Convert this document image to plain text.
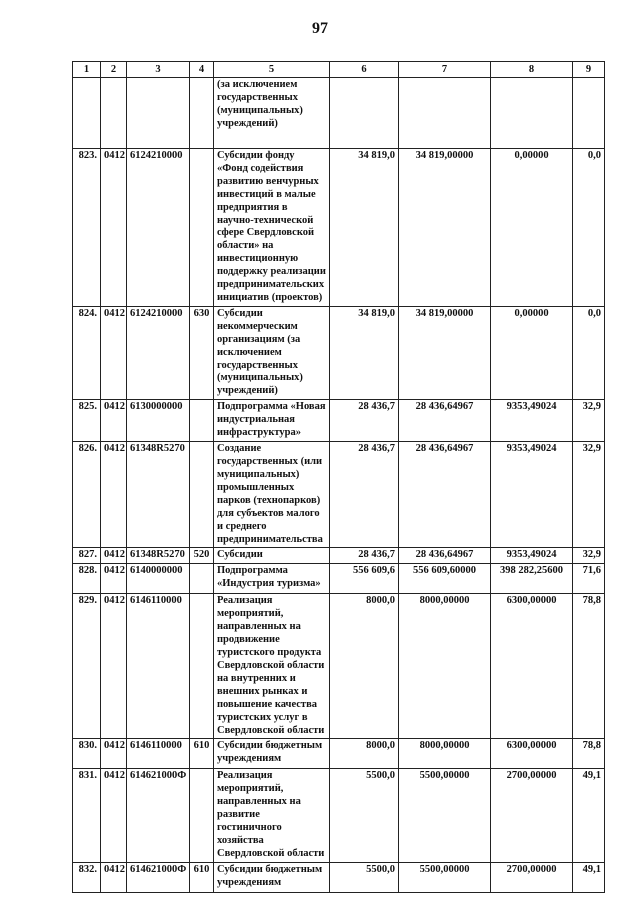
97
1	2	3	4	5	6	7	8	9
				(за исключением государственных (муниципальных) учреждений)				
823.	0412	6124210000		Субсидии фонду «Фонд содействия развитию венчурных инвестиций в малые предприятия в научно-технической сфере Свердловской области» на инвестиционную поддержку реализации предпринимательских инициатив (проектов)	34 819,0	34 819,00000	0,00000	0,0
824.	0412	6124210000	630	Субсидии некоммерческим организациям (за исключением государственных (муниципальных) учреждений)	34 819,0	34 819,00000	0,00000	0,0
825.	0412	6130000000		Подпрограмма «Новая индустриальная инфраструктура»	28 436,7	28 436,64967	9353,49024	32,9
826.	0412	61348R5270		Создание государственных (или муниципальных) промышленных парков (технопарков) для субъектов малого и среднего предпринимательства	28 436,7	28 436,64967	9353,49024	32,9
827.	0412	61348R5270	520	Субсидии	28 436,7	28 436,64967	9353,49024	32,9
828.	0412	6140000000		Подпрограмма «Индустрия туризма»	556 609,6	556 609,60000	398 282,25600	71,6
829.	0412	6146110000		Реализация мероприятий, направленных на продвижение туристского продукта Свердловской области на внутренних и внешних рынках и повышение качества туристских услуг в Свердловской области	8000,0	8000,00000	6300,00000	78,8
830.	0412	6146110000	610	Субсидии бюджетным учреждениям	8000,0	8000,00000	6300,00000	78,8
831.	0412	614621000Ф		Реализация мероприятий, направленных на развитие гостиничного хозяйства Свердловской области	5500,0	5500,00000	2700,00000	49,1
832.	0412	614621000Ф	610	Субсидии бюджетным учреждениям	5500,0	5500,00000	2700,00000	49,1
